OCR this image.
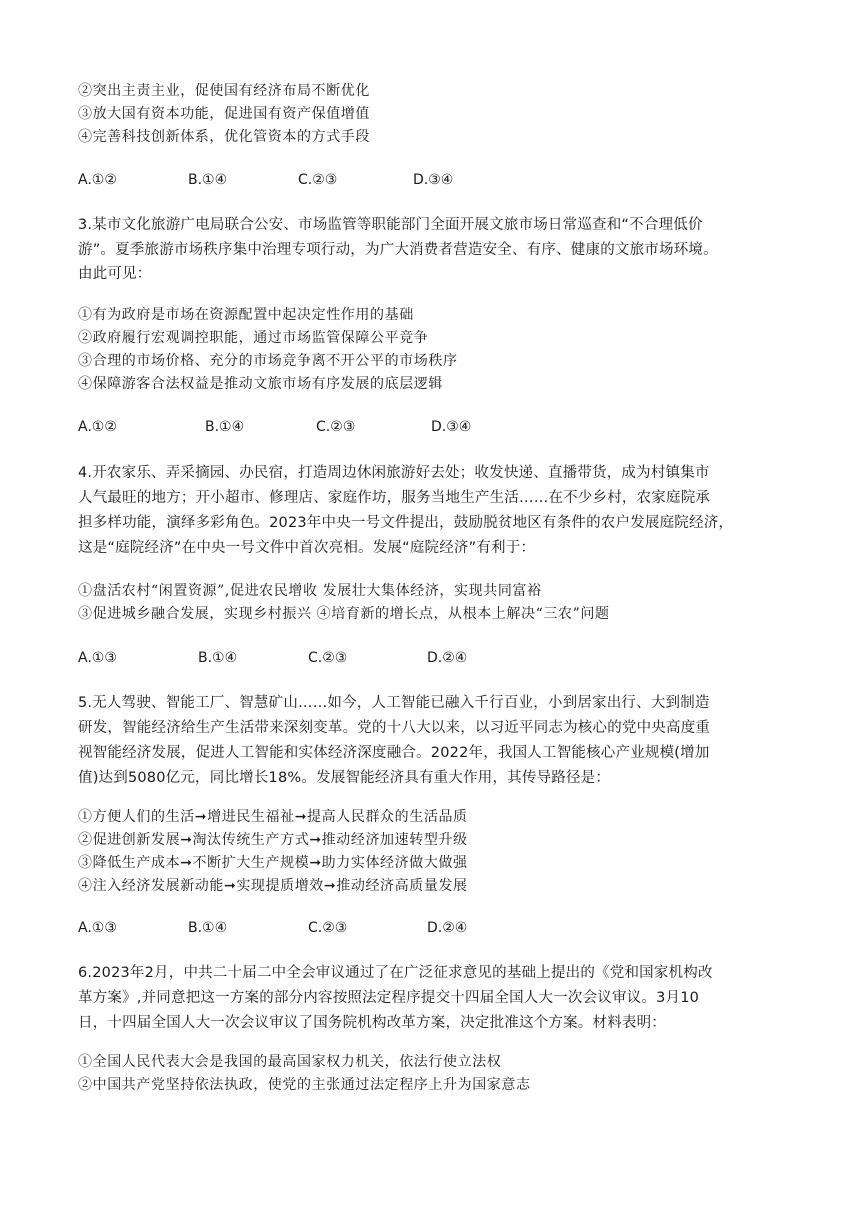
②突出主责主业，促使国有经济布局不断优化
③放大国有资本功能，促进国有资产保值增值
④完善科技创新体系，优化管资本的方式手段
A.①②	B.①④	C.②③	D.③④
3.某市文化旅游广电局联合公安、市场监管等职能部门全面开展文旅市场日常巡查和“不合理低价
游”。夏季旅游市场秩序集中治理专项行动，为广大消费者营造安全、有序、健康的文旅市场环境。
由此可见：
①有为政府是市场在资源配置中起决定性作用的基础
②政府履行宏观调控职能，通过市场监管保障公平竞争
③合理的市场价格、充分的市场竞争离不开公平的市场秩序
④保障游客合法权益是推动文旅市场有序发展的底层逻辑
A.①②	B.①④	C.②③	D.③④
4.开农家乐、弄采摘园、办民宿，打造周边休闲旅游好去处；收发快递、直播带货，成为村镇集市
人气最旺的地方；开小超市、修理店、家庭作坊，服务当地生产生活……在不少乡村，农家庭院承
担多样功能，演绎多彩角色。2023年中央一号文件提出，鼓励脱贫地区有条件的农户发展庭院经济，
这是“庭院经济”在中央一号文件中首次亮相。发展“庭院经济”有利于：
①盘活农村“闲置资源”,促进农民增收 发展壮大集体经济，实现共同富裕
③促进城乡融合发展，实现乡村振兴 ④培育新的增长点，从根本上解决“三农”问题
A.①③	B.①④	C.②③	D.②④
5.无人驾驶、智能工厂、智慧矿山……如今，人工智能已融入千行百业，小到居家出行、大到制造
研发，智能经济给生产生活带来深刻变革。党的十八大以来，以习近平同志为核心的党中央高度重
视智能经济发展，促进人工智能和实体经济深度融合。2022年，我国人工智能核心产业规模(增加
值)达到5080亿元，同比增长18%。发展智能经济具有重大作用，其传导路径是：
①方便人们的生活➞增进民生福祉➞提高人民群众的生活品质
②促进创新发展➞淘汰传统生产方式➞推动经济加速转型升级
③降低生产成本➞不断扩大生产规模➞助力实体经济做大做强
④注入经济发展新动能➞实现提质增效➞推动经济高质量发展
A.①③	B.①④	C.②③	D.②④
6.2023年2月，中共二十届二中全会审议通过了在广泛征求意见的基础上提出的《党和国家机构改
革方案》,并同意把这一方案的部分内容按照法定程序提交十四届全国人大一次会议审议。3月10
日，十四届全国人大一次会议审议了国务院机构改革方案，决定批准这个方案。材料表明：
①全国人民代表大会是我国的最高国家权力机关，依法行使立法权
②中国共产党坚持依法执政，使党的主张通过法定程序上升为国家意志
